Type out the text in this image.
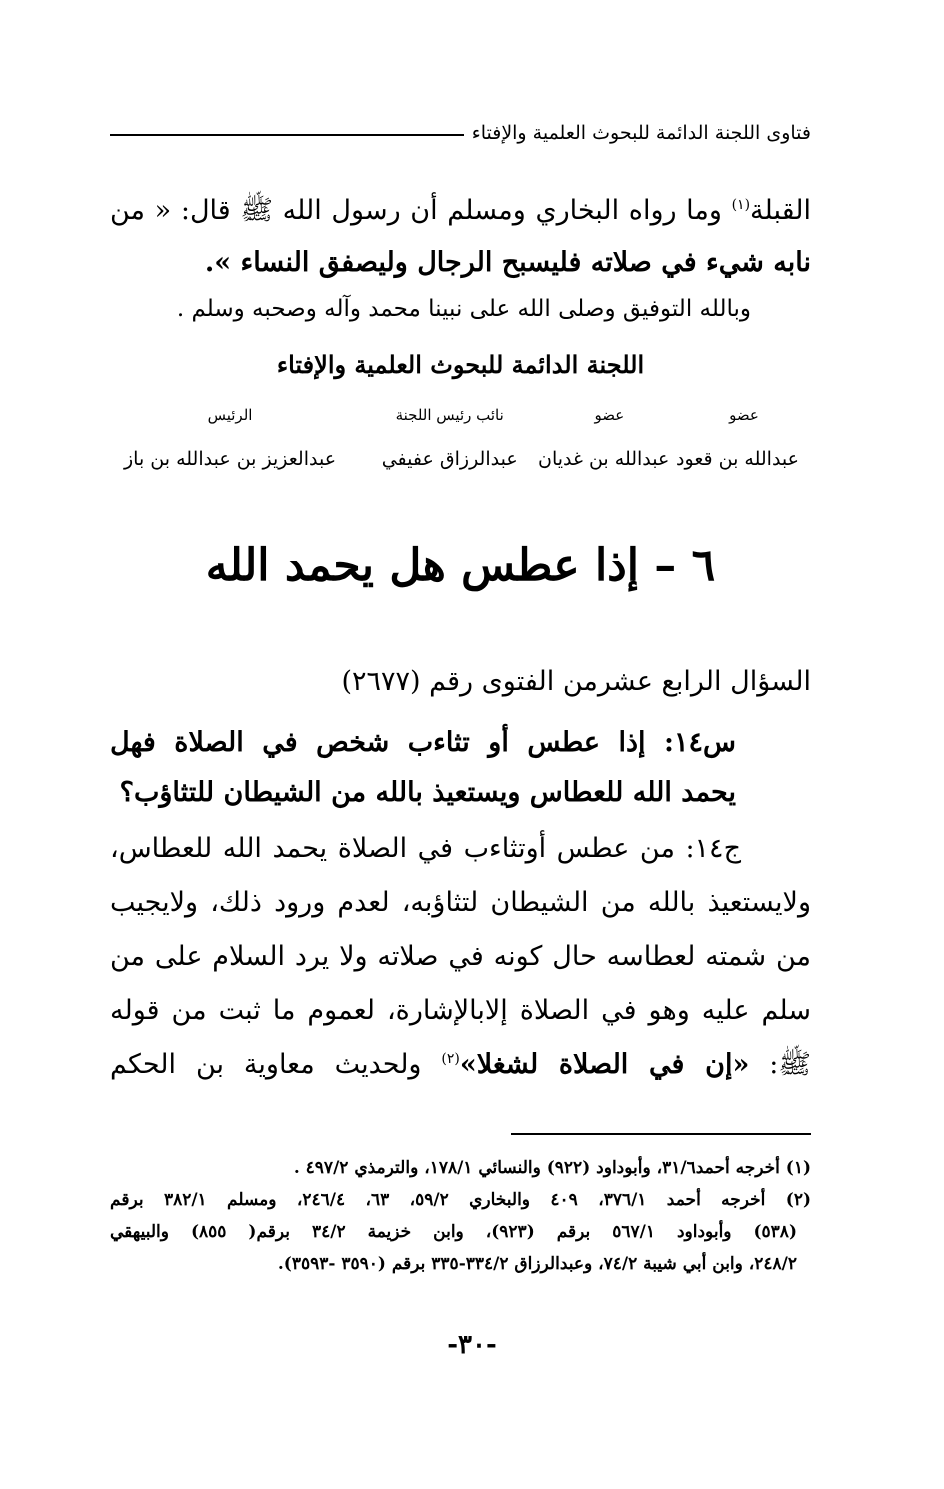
فتاوى اللجنة الدائمة للبحوث العلمية والإفتاء
القبلة$^{(١)}$ وما رواه البخاري ومسلم أن رسول الله ﷺ قال: « من
نابه شيء في صلاته فليسبح الرجال وليصفق النساء ».
وبالله التوفيق وصلى الله على نبينا محمد وآله وصحبه وسلم .
اللجنة الدائمة للبحوث العلمية والإفتاء
عضو
عضو
نائب رئيس اللجنة
الرئيس
عبدالله بن قعود
عبدالله بن غديان
عبدالرزاق عفيفي
عبدالعزيز بن عبدالله بن باز
٦ – إذا عطس هل يحمد الله
السؤال الرابع عشرمن الفتوى رقم (٢٦٧٧)
س١٤: إذا عطس أو تثاءب شخص في الصلاة فهل
يحمد الله للعطاس ويستعيذ بالله من الشيطان للتثاؤب؟
ج١٤: من عطس أوتثاءب في الصلاة يحمد الله للعطاس،
ولايستعيذ بالله من الشيطان لتثاؤبه، لعدم ورود ذلك، ولايجيب
من شمته لعطاسه حال كونه في صلاته ولا يرد السلام على من
سلم عليه وهو في الصلاة إلابالإشارة، لعموم ما ثبت من قوله
ﷺ: «إن في الصلاة لشغلا»$^{(٢)}$ ولحديث معاوية بن الحكم
(١) أخرجه أحمد٣١/٦، وأبوداود (٩٢٢) والنسائي ١٧٨/١، والترمذي ٤٩٧/٢ .
(٢) أخرجه أحمد ٣٧٦/١، ٤٠٩ والبخاري ٥٩/٢، ٦٣، ٢٤٦/٤، ومسلم ٣٨٢/١ برقم
(٥٣٨) وأبوداود ٥٦٧/١ برقم (٩٢٣)، وابن خزيمة ٣٤/٢ برقم( ٨٥٥) والبيهقي
٢٤٨/٢، وابن أبي شيبة ٧٤/٢، وعبدالرزاق ٣٣٤/٢-٣٣٥ برقم (٣٥٩٠ -٣٥٩٣).
-٣٠-
